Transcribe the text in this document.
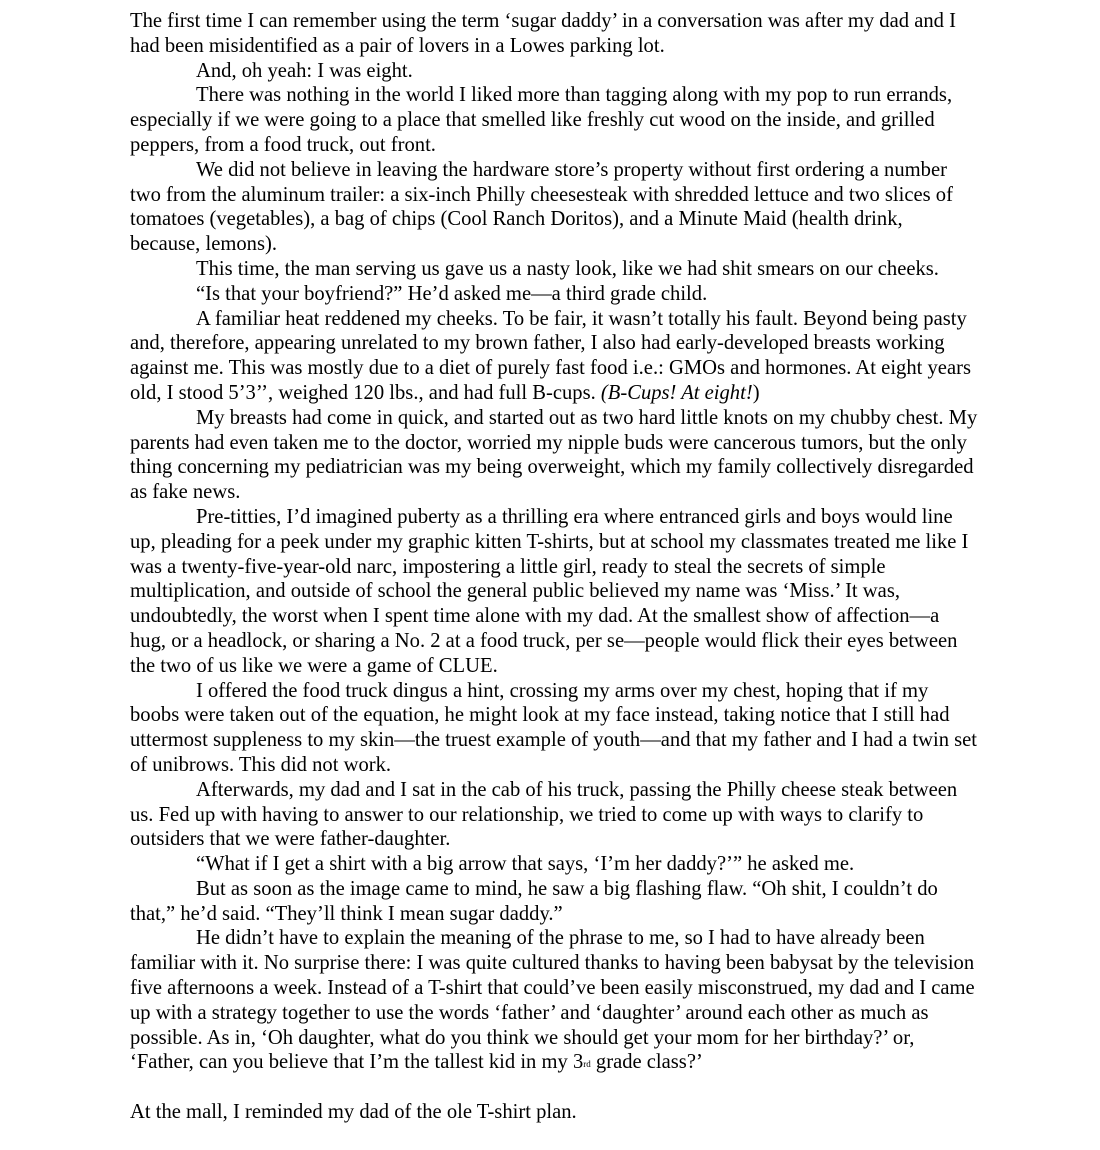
The first time I can remember using the term ‘sugar daddy’ in a conversation was after my dad and I had been misidentified as a pair of lovers in a Lowes parking lot.

And, oh yeah: I was eight.

There was nothing in the world I liked more than tagging along with my pop to run errands, especially if we were going to a place that smelled like freshly cut wood on the inside, and grilled peppers, from a food truck, out front.

We did not believe in leaving the hardware store’s property without first ordering a number two from the aluminum trailer: a six-inch Philly cheesesteak with shredded lettuce and two slices of tomatoes (vegetables), a bag of chips (Cool Ranch Doritos), and a Minute Maid (health drink, because, lemons).

This time, the man serving us gave us a nasty look, like we had shit smears on our cheeks.

“Is that your boyfriend?” He’d asked me—a third grade child.

A familiar heat reddened my cheeks. To be fair, it wasn’t totally his fault. Beyond being pasty and, therefore, appearing unrelated to my brown father, I also had early-developed breasts working against me. This was mostly due to a diet of purely fast food i.e.: GMOs and hormones. At eight years old, I stood 5’3’’, weighed 120 lbs., and had full B-cups. (B-Cups! At eight!)

My breasts had come in quick, and started out as two hard little knots on my chubby chest. My parents had even taken me to the doctor, worried my nipple buds were cancerous tumors, but the only thing concerning my pediatrician was my being overweight, which my family collectively disregarded as fake news.

Pre-titties, I’d imagined puberty as a thrilling era where entranced girls and boys would line up, pleading for a peek under my graphic kitten T-shirts, but at school my classmates treated me like I was a twenty-five-year-old narc, impostering a little girl, ready to steal the secrets of simple multiplication, and outside of school the general public believed my name was ‘Miss.’ It was, undoubtedly, the worst when I spent time alone with my dad. At the smallest show of affection—a hug, or a headlock, or sharing a No. 2 at a food truck, per se—people would flick their eyes between the two of us like we were a game of CLUE.

I offered the food truck dingus a hint, crossing my arms over my chest, hoping that if my boobs were taken out of the equation, he might look at my face instead, taking notice that I still had uttermost suppleness to my skin—the truest example of youth—and that my father and I had a twin set of unibrows. This did not work.

Afterwards, my dad and I sat in the cab of his truck, passing the Philly cheese steak between us. Fed up with having to answer to our relationship, we tried to come up with ways to clarify to outsiders that we were father-daughter.

“What if I get a shirt with a big arrow that says, ‘I’m her daddy?’” he asked me.

But as soon as the image came to mind, he saw a big flashing flaw. “Oh shit, I couldn’t do that,” he’d said. “They’ll think I mean sugar daddy.”

He didn’t have to explain the meaning of the phrase to me, so I had to have already been familiar with it. No surprise there: I was quite cultured thanks to having been babysat by the television five afternoons a week. Instead of a T-shirt that could’ve been easily misconstrued, my dad and I came up with a strategy together to use the words ‘father’ and ‘daughter’ around each other as much as possible. As in, ‘Oh daughter, what do you think we should get your mom for her birthday?’ or, ‘Father, can you believe that I’m the tallest kid in my 3rd grade class?’

At the mall, I reminded my dad of the ole T-shirt plan.
